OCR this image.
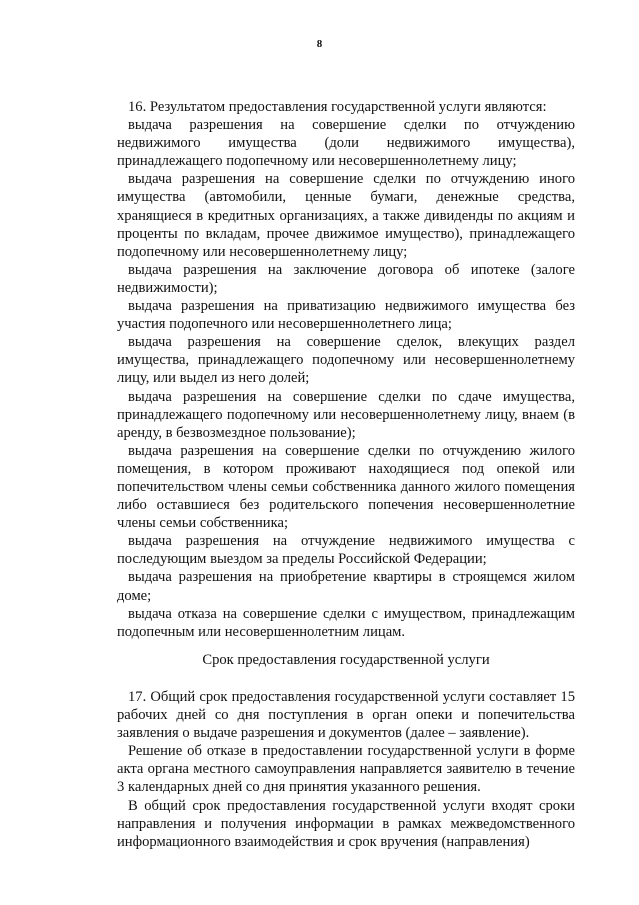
8

16. Результатом предоставления государственной услуги являются:

выдача разрешения на совершение сделки по отчуждению недвижимого имущества (доли недвижимого имущества), принадлежащего подопечному или несовершеннолетнему лицу;

выдача разрешения на совершение сделки по отчуждению иного имущества (автомобили, ценные бумаги, денежные средства, хранящиеся в кредитных организациях, а также дивиденды по акциям и проценты по вкладам, прочее движимое имущество), принадлежащего подопечному или несовершеннолетнему лицу;

выдача разрешения на заключение договора об ипотеке (залоге недвижимости);

выдача разрешения на приватизацию недвижимого имущества без участия подопечного или несовершеннолетнего лица;

выдача разрешения на совершение сделок, влекущих раздел имущества, принадлежащего подопечному или несовершеннолетнему лицу, или выдел из него долей;

выдача разрешения на совершение сделки по сдаче имущества, принадлежащего подопечному или несовершеннолетнему лицу, внаем (в аренду, в безвозмездное пользование);

выдача разрешения на совершение сделки по отчуждению жилого помещения, в котором проживают находящиеся под опекой или попечительством члены семьи собственника данного жилого помещения либо оставшиеся без родительского попечения несовершеннолетние члены семьи собственника;

выдача разрешения на отчуждение недвижимого имущества с последующим выездом за пределы Российской Федерации;

выдача разрешения на приобретение квартиры в строящемся жилом доме;

выдача отказа на совершение сделки с имуществом, принадлежащим подопечным или несовершеннолетним лицам.

Срок предоставления государственной услуги

17. Общий срок предоставления государственной услуги составляет 15 рабочих дней со дня поступления в орган опеки и попечительства заявления о выдаче разрешения и документов (далее – заявление).

Решение об отказе в предоставлении государственной услуги в форме акта органа местного самоуправления направляется заявителю в течение 3 календарных дней со дня принятия указанного решения.

В общий срок предоставления государственной услуги входят сроки направления и получения информации в рамках межведомственного информационного взаимодействия и срок вручения (направления)
